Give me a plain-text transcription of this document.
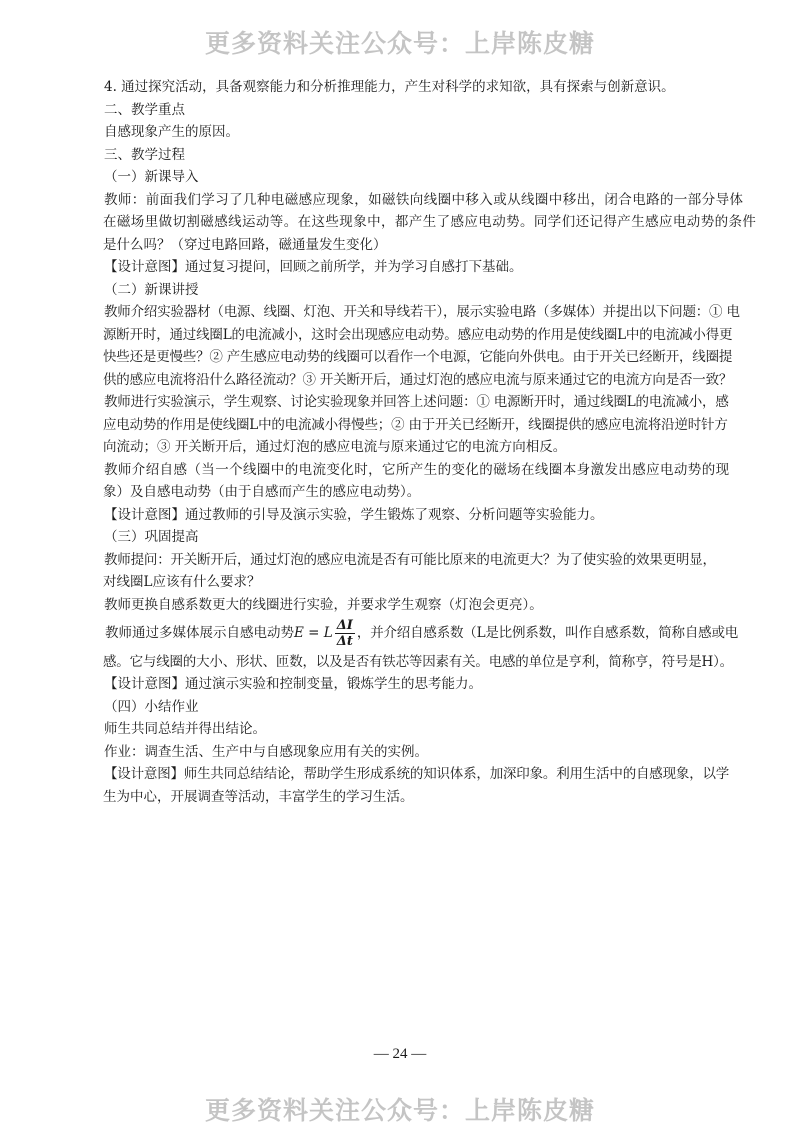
更多资料关注公众号：上岸陈皮糖
4. 通过探究活动，具备观察能力和分析推理能力，产生对科学的求知欲，具有探索与创新意识。
二、教学重点
自感现象产生的原因。
三、教学过程
（一）新课导入
教师：前面我们学习了几种电磁感应现象，如磁铁向线圈中移入或从线圈中移出，闭合电路的一部分导体
在磁场里做切割磁感线运动等。在这些现象中，都产生了感应电动势。同学们还记得产生感应电动势的条件
是什么吗？（穿过电路回路，磁通量发生变化）
【设计意图】通过复习提问，回顾之前所学，并为学习自感打下基础。
（二）新课讲授
教师介绍实验器材（电源、线圈、灯泡、开关和导线若干），展示实验电路（多媒体）并提出以下问题：① 电
源断开时，通过线圈L的电流减小，这时会出现感应电动势。感应电动势的作用是使线圈L中的电流减小得更
快些还是更慢些？② 产生感应电动势的线圈可以看作一个电源，它能向外供电。由于开关已经断开，线圈提
供的感应电流将沿什么路径流动？③ 开关断开后，通过灯泡的感应电流与原来通过它的电流方向是否一致？
教师进行实验演示，学生观察、讨论实验现象并回答上述问题：① 电源断开时，通过线圈L的电流减小，感
应电动势的作用是使线圈L中的电流减小得慢些；② 由于开关已经断开，线圈提供的感应电流将沿逆时针方
向流动；③ 开关断开后，通过灯泡的感应电流与原来通过它的电流方向相反。
教师介绍自感（当一个线圈中的电流变化时，它所产生的变化的磁场在线圈本身激发出感应电动势的现
象）及自感电动势（由于自感而产生的感应电动势）。
【设计意图】通过教师的引导及演示实验，学生锻炼了观察、分析问题等实验能力。
（三）巩固提高
教师提问：开关断开后，通过灯泡的感应电流是否有可能比原来的电流更大？为了使实验的效果更明显，
对线圈L应该有什么要求？
教师更换自感系数更大的线圈进行实验，并要求学生观察（灯泡会更亮）。
教师通过多媒体展示自感电动势 E = L $\frac{\Delta I}{\Delta t}$ ，并介绍自感系数（L是比例系数，叫作自感系数，简称自感或电
感。它与线圈的大小、形状、匝数，以及是否有铁芯等因素有关。电感的单位是亨利，简称亨，符号是H）。
【设计意图】通过演示实验和控制变量，锻炼学生的思考能力。
（四）小结作业
师生共同总结并得出结论。
作业：调查生活、生产中与自感现象应用有关的实例。
【设计意图】师生共同总结结论，帮助学生形成系统的知识体系，加深印象。利用生活中的自感现象，以学
生为中心，开展调查等活动，丰富学生的学习生活。
— 24 —
更多资料关注公众号：上岸陈皮糖
